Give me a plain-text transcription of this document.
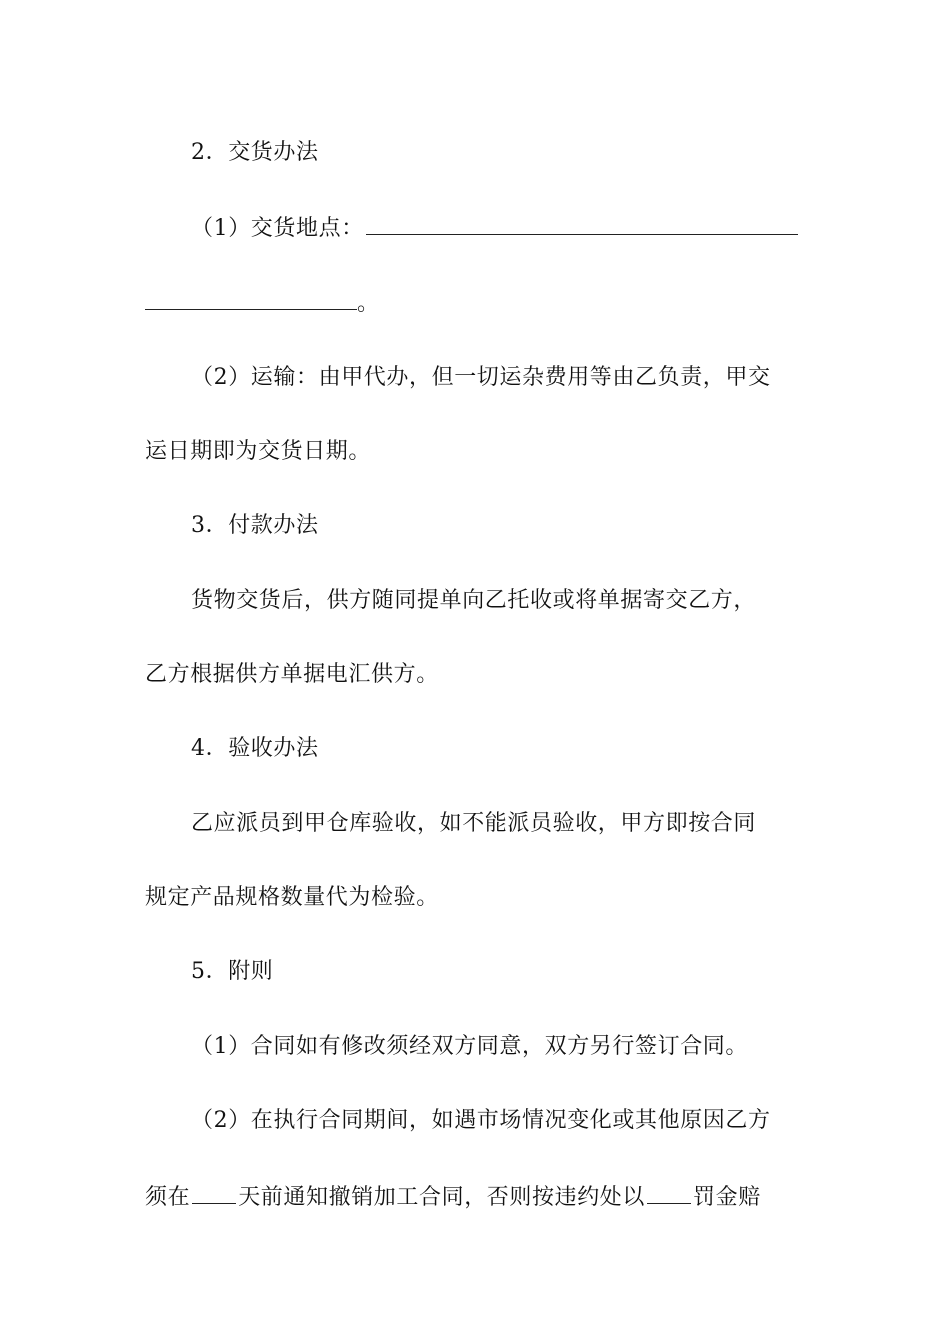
2．交货办法
（1）交货地点：
。
（2）运输：由甲代办，但一切运杂费用等由乙负责，甲交
运日期即为交货日期。
3．付款办法
货物交货后，供方随同提单向乙托收或将单据寄交乙方，
乙方根据供方单据电汇供方。
4．验收办法
乙应派员到甲仓库验收，如不能派员验收，甲方即按合同
规定产品规格数量代为检验。
5．附则
（1）合同如有修改须经双方同意，双方另行签订合同。
（2）在执行合同期间，如遇市场情况变化或其他原因乙方
须在 天前通知撤销加工合同，否则按违约处以 罚金赔
